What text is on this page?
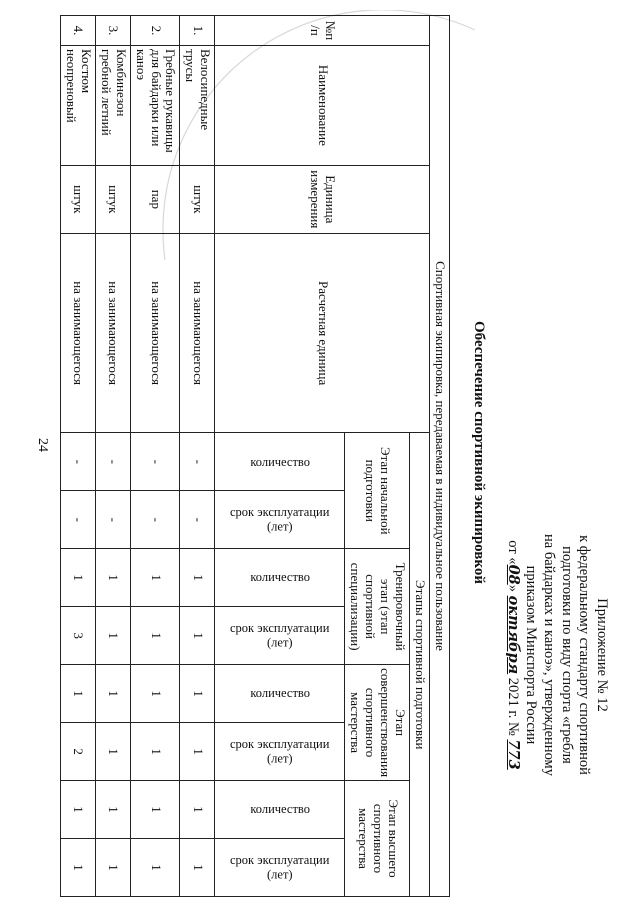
24
Приложение № 12
к федеральному стандарту спортивной
подготовки по виду спорта «гребля
на байдарках и каноэ», утвержденному
приказом Минспорта России
от «08» октября 2021 г. № 773
Обеспечение спортивной экипировкой
Спортивная экипировка, передаваемая в индивидуальное пользование											
№п /п	Наименование	Единица измерения	Расчетная единица	Этапы спортивной подготовки							
				Этап начальной подготовки		Тренировочный этап (этап спортивной специализации)		Этап совершенствования спортивного мастерства		Этап высшего спортивного мастерства	

				количество	срок эксплуатации (лет)	количество	срок эксплуатации (лет)	количество	срок эксплуатации (лет)	количество	срок эксплуатации (лет)

1.	Велосипедные трусы	штук	на занимающегося	-	-	1	1	1	1	1	1
2.	Гребные рукавицы для байдарки или каноэ	пар	на занимающегося	-	-	1	1	1	1	1	1
3.	Комбинезон гребной летний	штук	на занимающегося	-	-	1	1	1	1	1	1
4.	Костюм неопреновый	штук	на занимающегося	-	-	1	3	1	2	1	1
